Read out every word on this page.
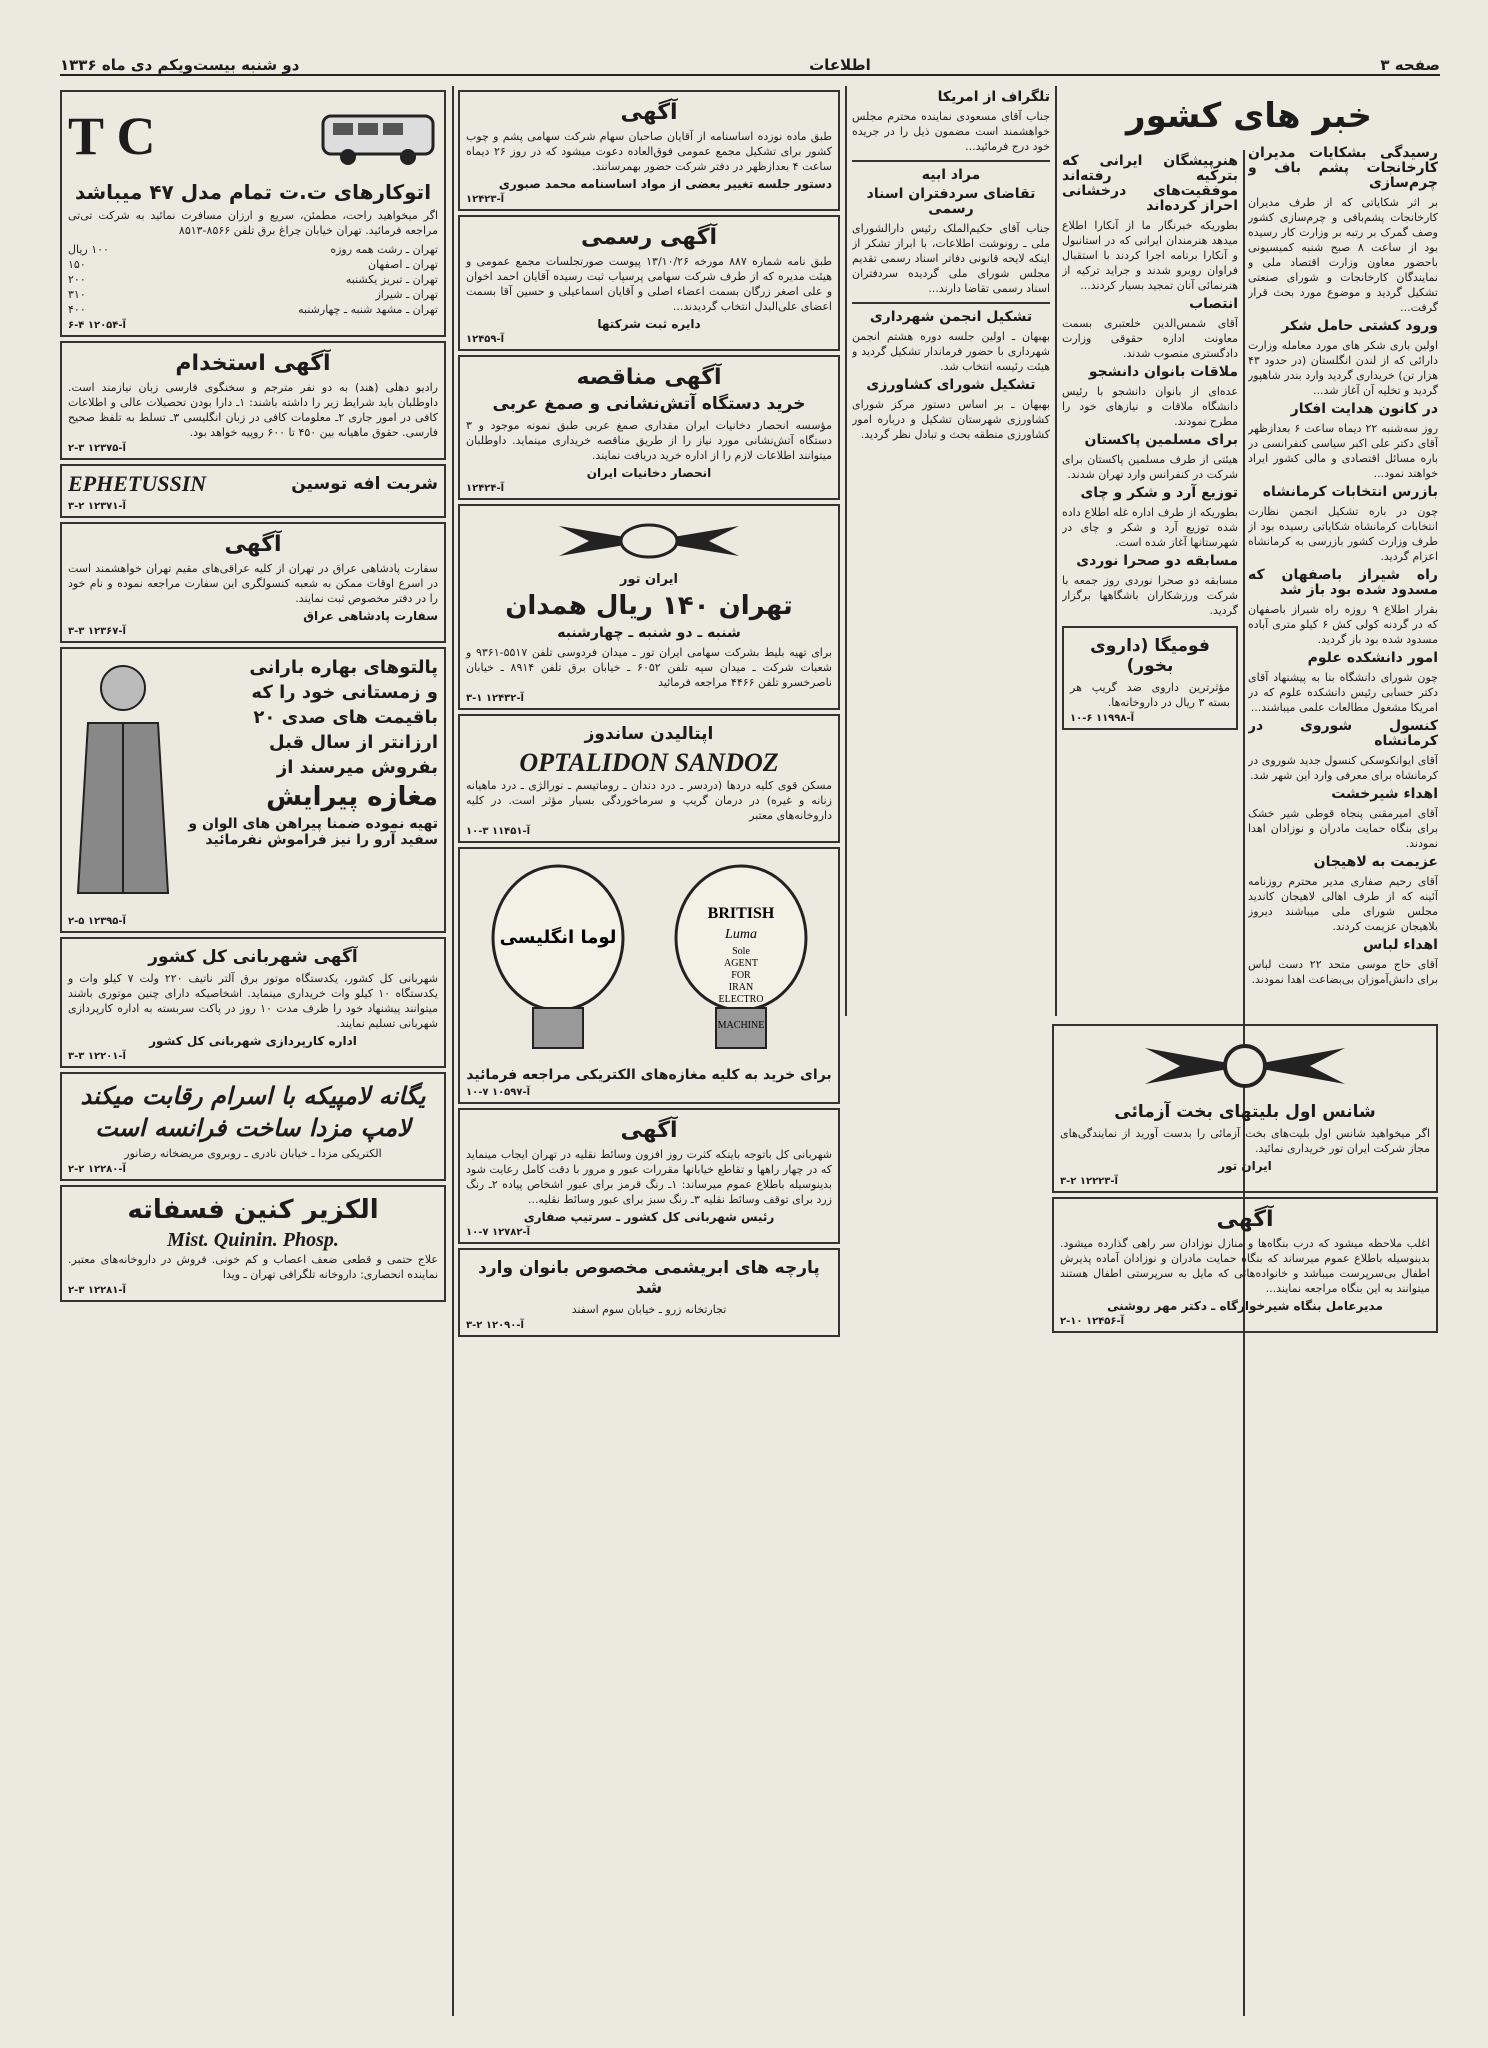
صفحه ۳
اطلاعات
دو شنبه بیست‌ویکم دی ماه ۱۳۳۶
رسیدگی بشکایات مدیران کارخانجات پشم باف و چرم‌سازی
بر اثر شکایاتی که از طرف مدیران کارخانجات پشم‌بافی و چرم‌سازی کشور وصف گمرک بر رتبه بر وزارت کار رسیده بود از ساعت ۸ صبح شنبه کمیسیونی باحضور معاون وزارت اقتصاد ملی و نمایندگان کارخانجات و شورای صنعتی تشکیل گردید و موضوع مورد بحث قرار گرفت...
ورود کشتی حامل شکر
اولین باری شکر های مورد معامله وزارت دارائی که از لندن انگلستان (در حدود ۴۳ هزار تن) خریداری گردید وارد بندر شاهپور گردید و تخلیه آن آغاز شد...
در کانون هدایت افکار
روز سه‌شنبه ۲۲ دیماه ساعت ۶ بعدازظهر آقای دکتر علی اکبر سیاسی کنفرانسی در باره مسائل اقتصادی و مالی کشور ایراد خواهند نمود...
بازرس انتخابات کرمانشاه
چون در باره تشکیل انجمن نظارت انتخابات کرمانشاه شکایاتی رسیده بود از طرف وزارت کشور بازرسی به کرمانشاه اعزام گردید.
راه شیراز باصفهان که مسدود شده بود باز شد
بقرار اطلاع ۹ روزه راه شیراز باصفهان که در گردنه کولی کش ۶ کیلو متری آباده مسدود شده بود باز گردید.
امور دانشکده علوم
چون شورای دانشگاه بنا به پیشنهاد آقای دکتر حسابی رئیس دانشکده علوم که در امریکا مشغول مطالعات علمی میباشند...
کنسول شوروی در کرمانشاه
آقای ایوانکوسکی کنسول جدید شوروی در کرمانشاه برای معرفی وارد این شهر شد.
اهداء شیرخشت
آقای امیرمقنی پنجاه قوطی شیر خشک برای بنگاه حمایت مادران و نوزادان اهدا نمودند.
عزیمت به لاهیجان
آقای رحیم صفاری مدیر محترم روزنامه آئینه که از طرف اهالی لاهیجان کاندید مجلس شورای ملی میباشند دیروز بلاهیجان عزیمت کردند.
اهداء لباس
آقای حاج موسی متحد ۲۲ دست لباس برای دانش‌آموزان بی‌بضاعت اهدا نمودند.
خبر های کشور
هنرپیشگان ایرانی که بترکیه رفته‌اند موفقیت‌های درخشانی احراز کرده‌اند
بطوریکه خبرنگار ما از آنکارا اطلاع میدهد هنرمندان ایرانی که در استانبول و آنکارا برنامه اجرا کردند با استقبال فراوان روبرو شدند و جراید ترکیه از هنرنمائی آنان تمجید بسیار کردند...
انتصاب
آقای شمس‌الدین خلعتبری بسمت معاونت اداره حقوقی وزارت دادگستری منصوب شدند.
ملاقات بانوان دانشجو
عده‌ای از بانوان دانشجو با رئیس دانشگاه ملاقات و نیازهای خود را مطرح نمودند.
برای مسلمین پاکستان
هیئتی از طرف مسلمین پاکستان برای شرکت در کنفرانس وارد تهران شدند.
توزیع آرد و شکر و چای
بطوریکه از طرف اداره غله اطلاع داده شده توزیع آرد و شکر و چای در شهرستانها آغاز شده است.
مسابقه دو صحرا نوردی
مسابقه دو صحرا نوردی روز جمعه با شرکت ورزشکاران باشگاهها برگزار گردید.
فومیگا (داروی بخور)
مؤثرترین داروی ضد گریپ هر بسته ۳ ریال در داروخانه‌ها.
آ-۱۱۹۹۸ ۶-۱۰
تلگراف از امریکا
جناب آقای مسعودی نماینده محترم مجلس خواهشمند است مضمون ذیل را در جریده خود درج فرمائید...
مراد ابیه
تقاضای سردفتران اسناد رسمی
جناب آقای حکیم‌الملک رئیس دارالشورای ملی ـ رونوشت اطلاعات، با ابراز تشکر از اینکه لایحه قانونی دفاتر اسناد رسمی تقدیم مجلس شورای ملی گردیده سردفتران اسناد رسمی تقاضا دارند...
تشکیل انجمن شهرداری
بهبهان ـ اولین جلسه دوره هشتم انجمن شهرداری با حضور فرماندار تشکیل گردید و هیئت رئیسه انتخاب شد.
تشکیل شورای کشاورزی
بهبهان ـ بر اساس دستور مرکز شورای کشاورزی شهرستان تشکیل و درباره امور کشاورزی منطقه بحث و تبادل نظر گردید.
آگهی
طبق ماده نوزده اساسنامه از آقایان صاحبان سهام شرکت سهامی پشم و چوب کشور برای تشکیل مجمع عمومی فوق‌العاده دعوت میشود که در روز ۲۶ دیماه ساعت ۴ بعدازظهر در دفتر شرکت حضور بهمرسانند.
دستور جلسه تغییر بعضی از مواد اساسنامه محمد صبوری
آ-۱۲۴۲۳
آگهی رسمی
طبق نامه شماره ۸۸۷ مورخه ۱۳/۱۰/۲۶ پیوست صورتجلسات مجمع عمومی و هیئت مدیره که از طرف شرکت سهامی پرسپاب ثبت رسیده آقایان احمد اخوان و علی اصغر زرگان بسمت اعضاء اصلی و آقایان اسماعیلی و حسین آقا بسمت اعضای علی‌البدل انتخاب گردیدند...
دایره ثبت شرکتها
آ-۱۲۴۵۹
آگهی مناقصه
خرید دستگاه آتش‌نشانی و صمغ عربی
مؤسسه انحصار دخانیات ایران مقداری صمغ عربی طبق نمونه موجود و ۳ دستگاه آتش‌نشانی مورد نیاز را از طریق مناقصه خریداری مینماید. داوطلبان میتوانند اطلاعات لازم را از اداره خرید دریافت نمایند.
انحصار دخانیات ایران
آ-۱۲۴۲۴
ایران تور
تهران ۱۴۰ ریال همدان
شنبه ـ دو شنبه ـ چهارشنبه
برای تهیه بلیط بشرکت سهامی ایران تور ـ میدان فردوسی تلفن ۵۵۱۷-۹۳۶۱ و شعبات شرکت ـ میدان سپه تلفن ۶۰۵۲ ـ خیابان برق تلفن ۸۹۱۴ ـ خیابان ناصرخسرو تلفن ۴۴۶۶ مراجعه فرمائید
آ-۱۲۴۳۲ ۱-۳
اپتالیدن ساندوز
OPTALIDON SANDOZ
مسکن قوی کلیه دردها (دردسر ـ درد دندان ـ روماتیسم ـ نورالژی ـ درد ماهیانه زنانه و غیره) در درمان گریپ و سرماخوردگی بسیار مؤثر است. در کلیه داروخانه‌های معتبر
آ-۱۱۴۵۱ ۳-۱۰
BRITISH
Luma
Sole
AGENT
FOR
IRAN
ELECTRO
MACHINE
لوما انگلیسی
برای خرید به کلیه مغازه‌های الکتریکی مراجعه فرمائید
آ-۱۰۵۹۷ ۷-۱۰
آگهی
شهربانی کل باتوجه باینکه کثرت روز افزون وسائط نقلیه در تهران ایجاب مینماید که در چهار راهها و تقاطع خیابانها مقررات عبور و مرور با دقت کامل رعایت شود بدینوسیله باطلاع عموم میرساند: ۱ـ رنگ قرمز برای عبور اشخاص پیاده ۲ـ رنگ زرد برای توقف وسائط نقلیه ۳ـ رنگ سبز برای عبور وسائط نقلیه...
رئیس شهربانی کل کشور ـ سرتیپ صفاری
آ-۱۲۷۸۲ ۷-۱۰
پارچه های ابریشمی مخصوص بانوان وارد شد
تجارتخانه زرو ـ خیابان سوم اسفند
آ-۱۲۰۹۰ ۲-۳
شانس اول بلیتهای بخت آزمائی
اگر میخواهید شانس اول بلیت‌های بخت آزمائی را بدست آورید از نمایندگی‌های مجاز شرکت ایران تور خریداری نمائید.
ایران تور
آ-۱۲۲۲۳ ۲-۳
آگهی
اغلب ملاحظه میشود که درب بنگاه‌ها و منازل نوزادان سر راهی گذارده میشود. بدینوسیله باطلاع عموم میرساند که بنگاه حمایت مادران و نوزادان آماده پذیرش اطفال بی‌سرپرست میباشد و خانواده‌هائی که مایل به سرپرستی اطفال هستند میتوانند به این بنگاه مراجعه نمایند...
مدیرعامل بنگاه شیرخوارگاه ـ دکتر مهر روشنی
آ-۱۲۴۵۶ ۱۰-۲
T C
اتوکارهای ت.ت تمام مدل ۴۷ میباشد
اگر میخواهید راحت، مطمئن، سریع و ارزان مسافرت نمائید به شرکت تی‌تی مراجعه فرمائید. تهران خیابان چراغ برق تلفن ۸۵۶۶-۸۵۱۳
تهران ـ رشت همه روزه
۱۰۰ ریال
تهران ـ اصفهان
۱۵۰
تهران ـ تبریز یکشنبه
۲۰۰
تهران ـ شیراز
۳۱۰
تهران ـ مشهد شنبه ـ چهارشنبه
۴۰۰
آ-۱۲۰۵۴ ۴-۶
آگهی استخدام
رادیو دهلی (هند) به دو نفر مترجم و سخنگوی فارسی زبان نیازمند است. داوطلبان باید شرایط زیر را داشته باشند: ۱ـ دارا بودن تحصیلات عالی و اطلاعات کافی در امور جاری ۲ـ معلومات کافی در زبان انگلیسی ۳ـ تسلط به تلفظ صحیح فارسی. حقوق ماهیانه بین ۴۵۰ تا ۶۰۰ روپیه خواهد بود.
آ-۱۲۳۷۵ ۳-۲
شربت افه توسین
EPHETUSSIN
آ-۱۲۳۷۱ ۲-۳
آگهی
سفارت پادشاهی عراق در تهران از کلیه عراقی‌های مقیم تهران خواهشمند است در اسرع اوقات ممکن به شعبه کنسولگری این سفارت مراجعه نموده و نام خود را در دفتر مخصوص ثبت نمایند.
سفارت پادشاهی عراق
آ-۱۲۳۶۷ ۳-۳
پالتوهای بهاره بارانی
و زمستانی خود را که
باقیمت های صدی ۲۰
ارزانتر از سال قبل
بفروش میرسند از
مغازه پیرایش
تهیه نموده ضمنا پیراهن های الوان و سفید آرو را نیز فراموش نفرمائید
آ-۱۲۳۹۵ ۵-۲
آگهی شهربانی کل کشور
شهربانی کل کشور، یکدستگاه موتور برق آلتر ناتیف ۲۲۰ ولت ۷ کیلو وات و یکدستگاه ۱۰ کیلو وات خریداری مینماید. اشخاصیکه دارای چنین موتوری باشند میتوانند پیشنهاد خود را ظرف مدت ۱۰ روز در پاکت سربسته به اداره کارپردازی شهربانی تسلیم نمایند.
اداره کارپردازی شهربانی کل کشور
آ-۱۲۲۰۱ ۳-۳
یگانه لامپیکه با اسرام رقابت میکند
لامپ مزدا ساخت فرانسه است
الکتریکی مزدا ـ خیابان نادری ـ روبروی مریضخانه رضانور
آ-۱۲۲۸۰ ۲-۲
الکزیر کنین فسفاته
Mist. Quinin. Phosp.
علاج حتمی و قطعی ضعف اعصاب و کم خونی. فروش در داروخانه‌های معتبر. نماینده انحصاری: داروخانه تلگرافی تهران ـ ویدا
آ-۱۲۲۸۱ ۳-۲
